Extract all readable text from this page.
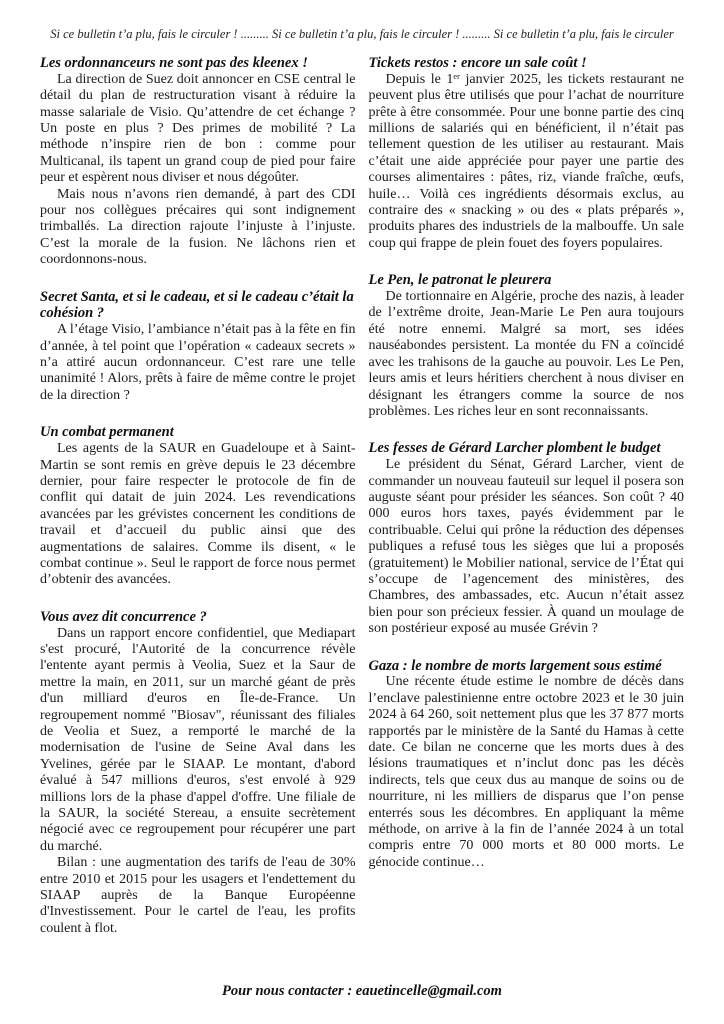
Si ce bulletin t’a plu, fais le circuler ! ......... Si ce bulletin t’a plu, fais le circuler ! ......... Si ce bulletin t’a plu, fais le circuler
Les ordonnanceurs ne sont pas des kleenex !

La direction de Suez doit annoncer en CSE central le détail du plan de restructuration visant à réduire la masse salariale de Visio. Qu’attendre de cet échange ? Un poste en plus ? Des primes de mobilité ? La méthode n’inspire rien de bon : comme pour Multicanal, ils tapent un grand coup de pied pour faire peur et espèrent nous diviser et nous dégoûter.

Mais nous n’avons rien demandé, à part des CDI pour nos collègues précaires qui sont indignement trimballés. La direction rajoute l’injuste à l’injuste. C’est la morale de la fusion. Ne lâchons rien et coordonnons-nous.

Secret Santa, et si le cadeau, et si le cadeau c’était la cohésion ?

A l’étage Visio, l’ambiance n’était pas à la fête en fin d’année, à tel point que l’opération « cadeaux secrets » n’a attiré aucun ordonnanceur. C’est rare une telle unanimité ! Alors, prêts à faire de même contre le projet de la direction ?

Un combat permanent

Les agents de la SAUR en Guadeloupe et à Saint-Martin se sont remis en grève depuis le 23 décembre dernier, pour faire respecter le protocole de fin de conflit qui datait de juin 2024. Les revendications avancées par les grévistes concernent les conditions de travail et d’accueil du public ainsi que des augmentations de salaires. Comme ils disent, « le combat continue ». Seul le rapport de force nous permet d’obtenir des avancées.

Vous avez dit concurrence ?

Dans un rapport encore confidentiel, que Mediapart s'est procuré, l'Autorité de la concurrence révèle l'entente ayant permis à Veolia, Suez et la Saur de mettre la main, en 2011, sur un marché géant de près d'un milliard d'euros en Île-de-France. Un regroupement nommé "Biosav", réunissant des filiales de Veolia et Suez, a remporté le marché de la modernisation de l'usine de Seine Aval dans les Yvelines, gérée par le SIAAP. Le montant, d'abord évalué à 547 millions d'euros, s'est envolé à 929 millions lors de la phase d'appel d'offre. Une filiale de la SAUR, la société Stereau, a ensuite secrètement négocié avec ce regroupement pour récupérer une part du marché.

Bilan : une augmentation des tarifs de l'eau de 30% entre 2010 et 2015 pour les usagers et l'endettement du SIAAP auprès de la Banque Européenne d'Investissement. Pour le cartel de l'eau, les profits coulent à flot.

Tickets restos : encore un sale coût !

Depuis le 1ᵉʳ janvier 2025, les tickets restaurant ne peuvent plus être utilisés que pour l’achat de nourriture prête à être consommée. Pour une bonne partie des cinq millions de salariés qui en bénéficient, il n’était pas tellement question de les utiliser au restaurant. Mais c’était une aide appréciée pour payer une partie des courses alimentaires : pâtes, riz, viande fraîche, œufs, huile… Voilà ces ingrédients désormais exclus, au contraire des « snacking » ou des « plats préparés », produits phares des industriels de la malbouffe. Un sale coup qui frappe de plein fouet des foyers populaires.

Le Pen, le patronat le pleurera

De tortionnaire en Algérie, proche des nazis, à leader de l’extrême droite, Jean-Marie Le Pen aura toujours été notre ennemi. Malgré sa mort, ses idées nauséabondes persistent. La montée du FN a coïncidé avec les trahisons de la gauche au pouvoir. Les Le Pen, leurs amis et leurs héritiers cherchent à nous diviser en désignant les étrangers comme la source de nos problèmes. Les riches leur en sont reconnaissants.

Les fesses de Gérard Larcher plombent le budget

Le président du Sénat, Gérard Larcher, vient de commander un nouveau fauteuil sur lequel il posera son auguste séant pour présider les séances. Son coût ? 40 000 euros hors taxes, payés évidemment par le contribuable. Celui qui prône la réduction des dépenses publiques a refusé tous les sièges que lui a proposés (gratuitement) le Mobilier national, service de l’État qui s’occupe de l’agencement des ministères, des Chambres, des ambassades, etc. Aucun n’était assez bien pour son précieux fessier. À quand un moulage de son postérieur exposé au musée Grévin ?

Gaza : le nombre de morts largement sous estimé

Une récente étude estime le nombre de décès dans l’enclave palestinienne entre octobre 2023 et le 30 juin 2024 à 64 260, soit nettement plus que les 37 877 morts rapportés par le ministère de la Santé du Hamas à cette date. Ce bilan ne concerne que les morts dues à des lésions traumatiques et n’inclut donc pas les décès indirects, tels que ceux dus au manque de soins ou de nourriture, ni les milliers de disparus que l’on pense enterrés sous les décombres. En appliquant la même méthode, on arrive à la fin de l’année 2024 à un total compris entre 70 000 morts et 80 000 morts. Le génocide continue…

Pour nous contacter : eauetincelle@gmail.com
